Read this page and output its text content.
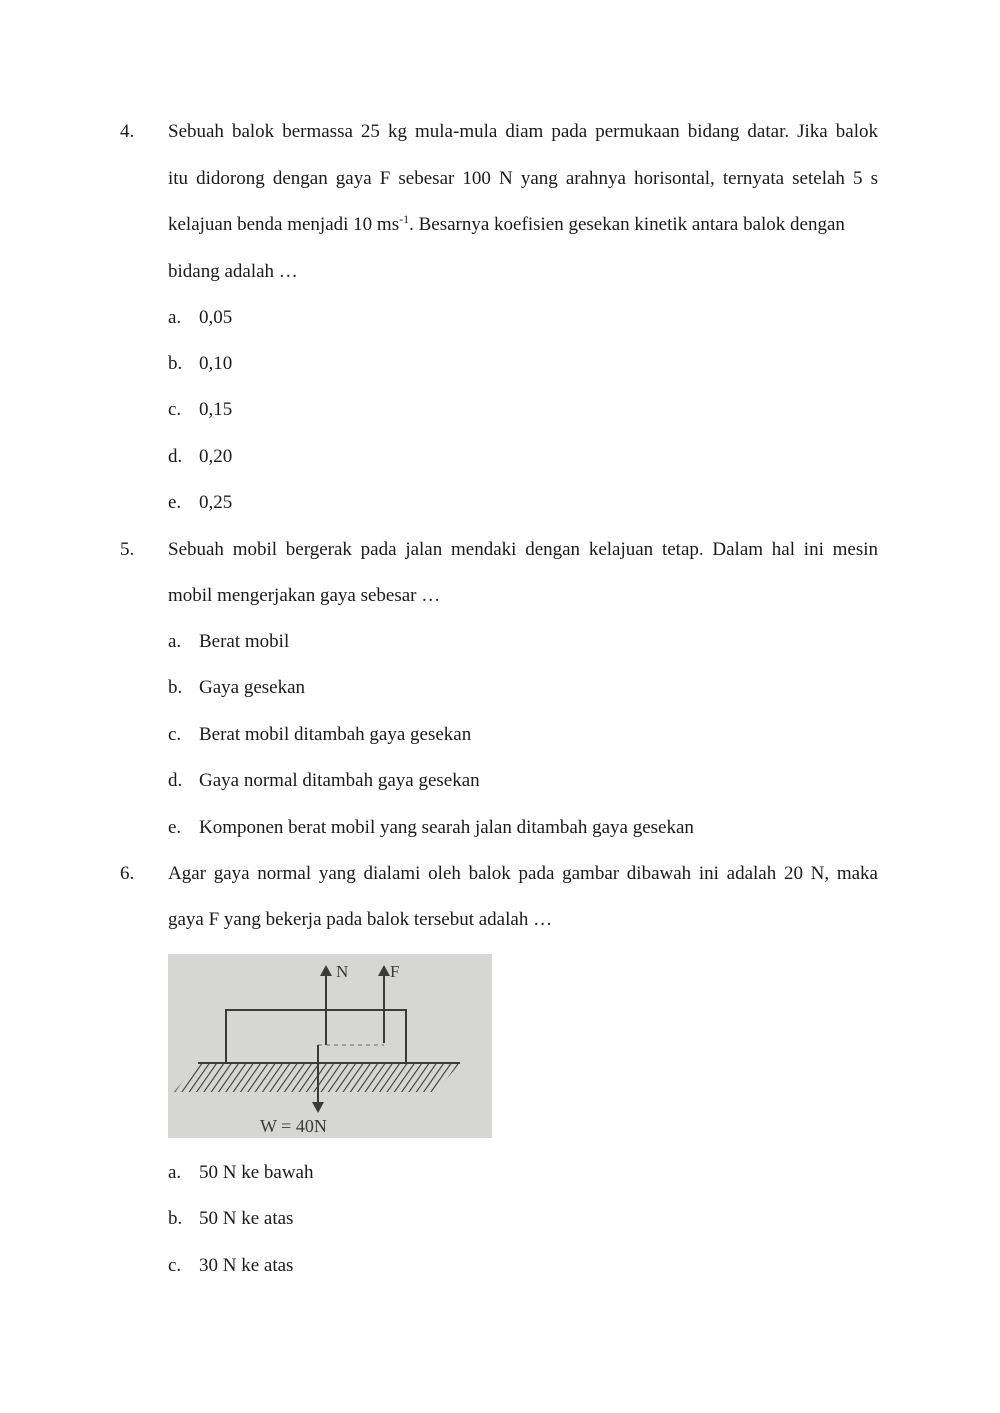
4. Sebuah balok bermassa 25 kg mula-mula diam pada permukaan bidang datar. Jika balok
itu didorong dengan gaya F sebesar 100 N yang arahnya horisontal, ternyata setelah 5 s
kelajuan benda menjadi 10 $ms^{-1}$. Besarnya koefisien gesekan kinetik antara balok dengan
bidang adalah …
a. 0,05
b. 0,10
c. 0,15
d. 0,20
e. 0,25
5. Sebuah mobil bergerak pada jalan mendaki dengan kelajuan tetap. Dalam hal ini mesin
mobil mengerjakan gaya sebesar …
a. Berat mobil
b. Gaya gesekan
c. Berat mobil ditambah gaya gesekan
d. Gaya normal ditambah gaya gesekan
e. Komponen berat mobil yang searah jalan ditambah gaya gesekan
6. Agar gaya normal yang dialami oleh balok pada gambar dibawah ini adalah 20 N, maka
gaya F yang bekerja pada balok tersebut adalah …
N F
W = 40N
a. 50 N ke bawah
b. 50 N ke atas
c. 30 N ke atas
